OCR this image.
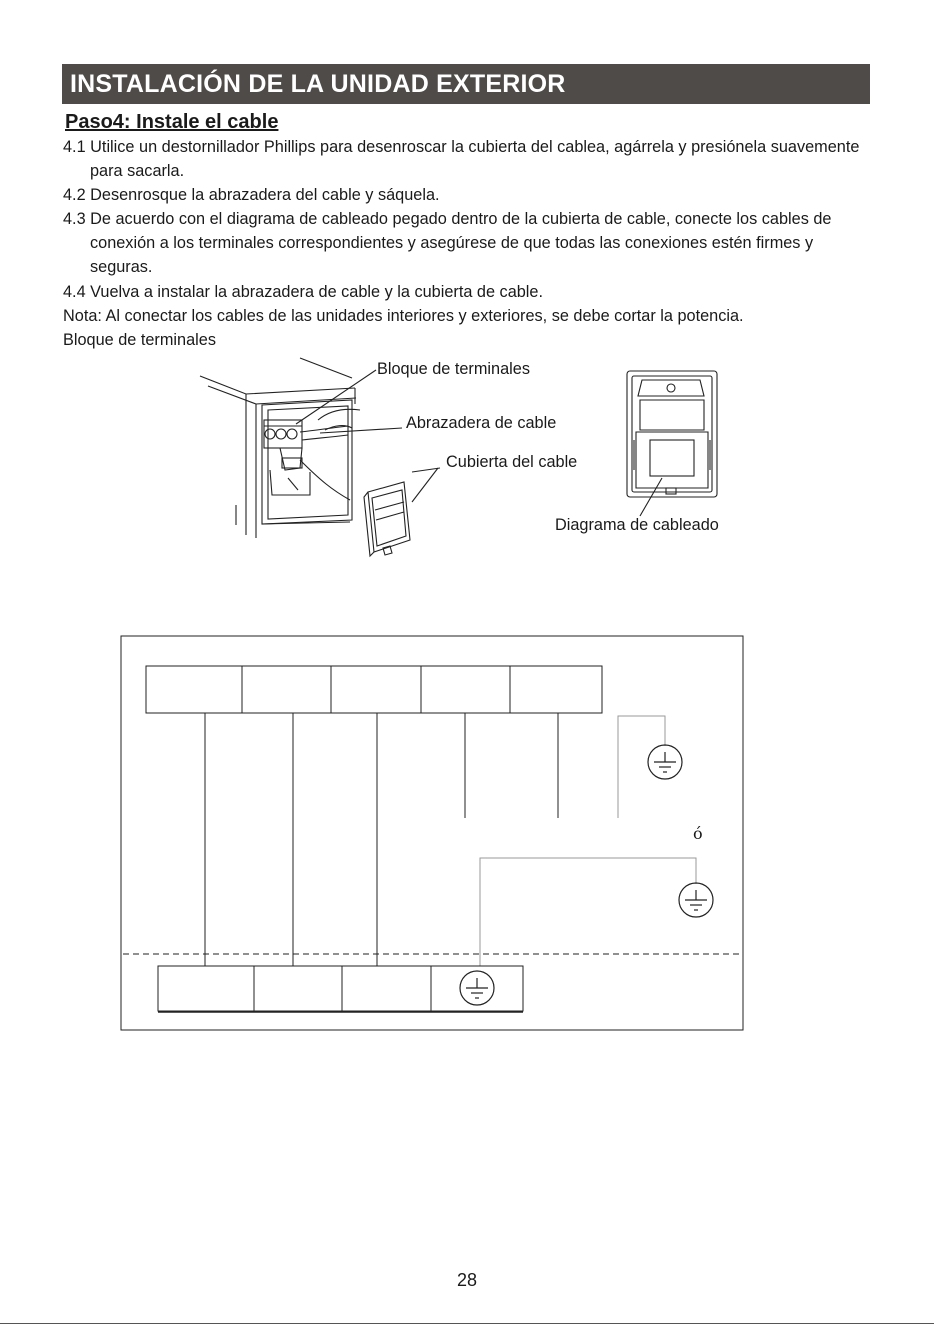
INSTALACIÓN DE LA UNIDAD EXTERIOR
Paso4: Instale el cable
4.1 Utilice un destornillador Phillips para desenroscar la cubierta del cablea, agárrela y presiónela suavemente
para sacarla.
4.2 Desenrosque la abrazadera del cable y sáquela.
4.3 De acuerdo con el diagrama de cableado pegado dentro de la cubierta de cable, conecte los cables de
conexión a los terminales correspondientes y asegúrese de que todas las conexiones estén firmes y
seguras.
4.4 Vuelva a instalar la abrazadera de cable y la cubierta de cable.
Nota: Al conectar los cables de las unidades interiores y exteriores, se debe cortar la potencia.
Bloque de terminales
Bloque de terminales
Abrazadera de cable
Cubierta del cable
Diagrama de cableado
ó
28
